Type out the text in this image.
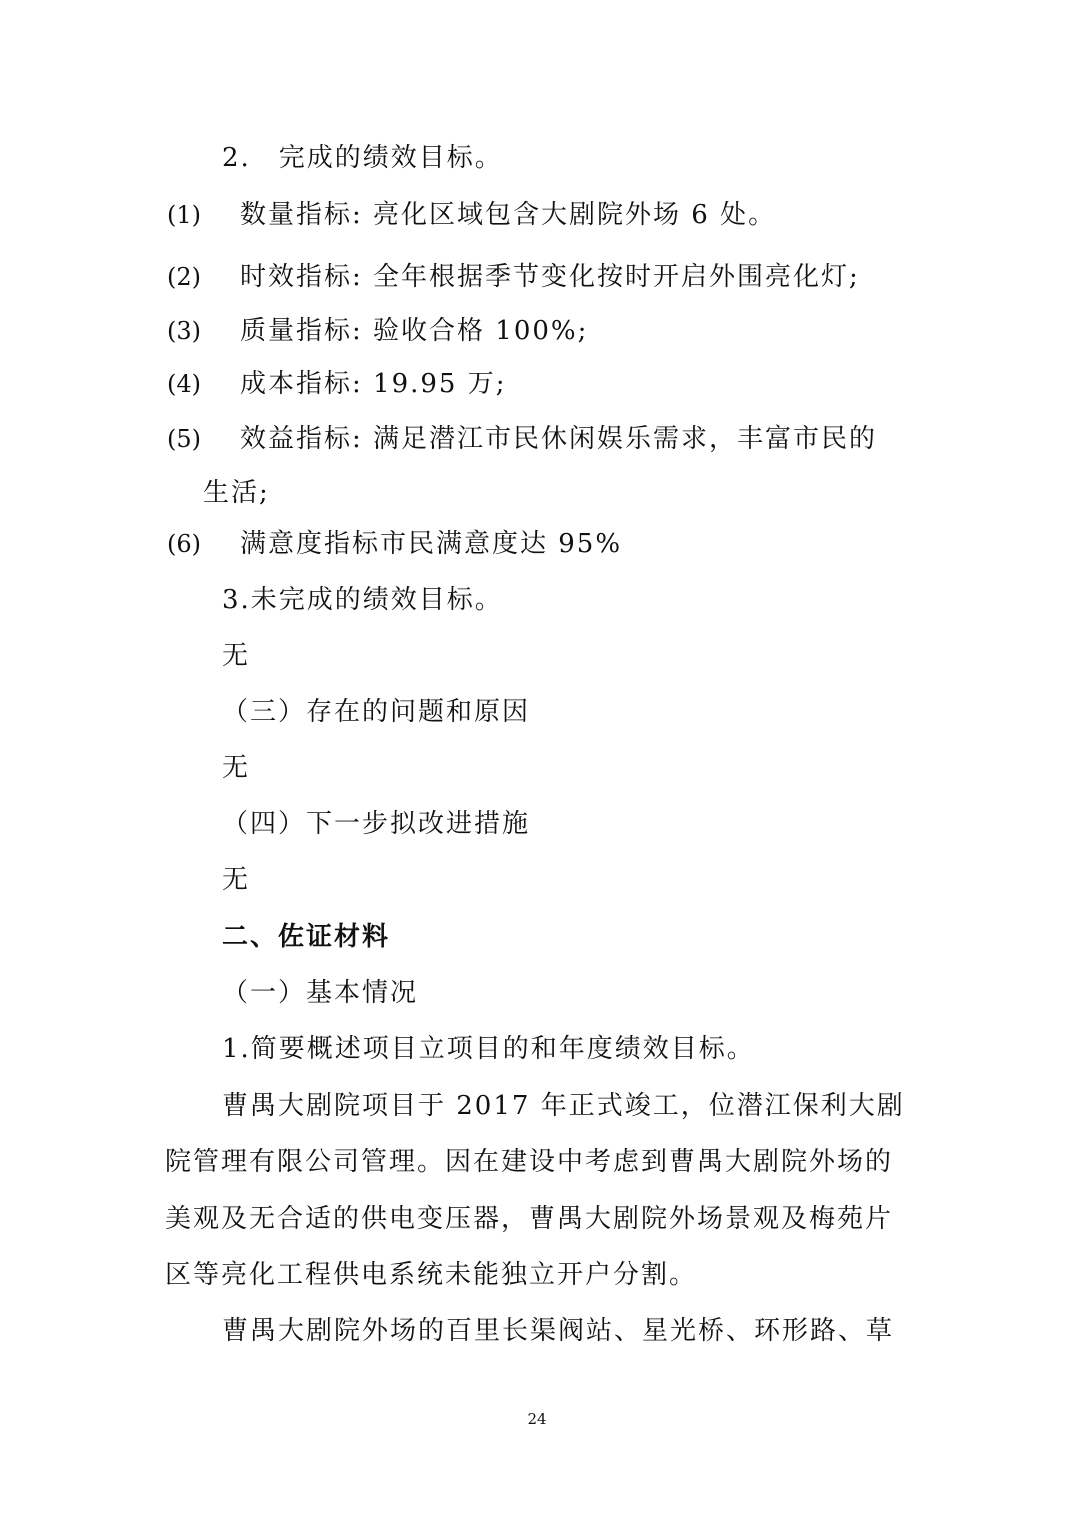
2.　完成的绩效目标。
(1) 数量指标: 亮化区域包含大剧院外场 6 处。
(2) 时效指标: 全年根据季节变化按时开启外围亮化灯;
(3) 质量指标: 验收合格 100%;
(4) 成本指标: 19.95 万;
(5) 效益指标: 满足潜江市民休闲娱乐需求，丰富市民的
生活;
(6) 满意度指标市民满意度达 95%
3.未完成的绩效目标。
无
（三）存在的问题和原因
无
（四）下一步拟改进措施
无
二、佐证材料
（一）基本情况
1.简要概述项目立项目的和年度绩效目标。
曹禺大剧院项目于 2017 年正式竣工，位潜江保利大剧
院管理有限公司管理。因在建设中考虑到曹禺大剧院外场的
美观及无合适的供电变压器，曹禺大剧院外场景观及梅苑片
区等亮化工程供电系统未能独立开户分割。
曹禺大剧院外场的百里长渠阀站、星光桥、环形路、草
24
